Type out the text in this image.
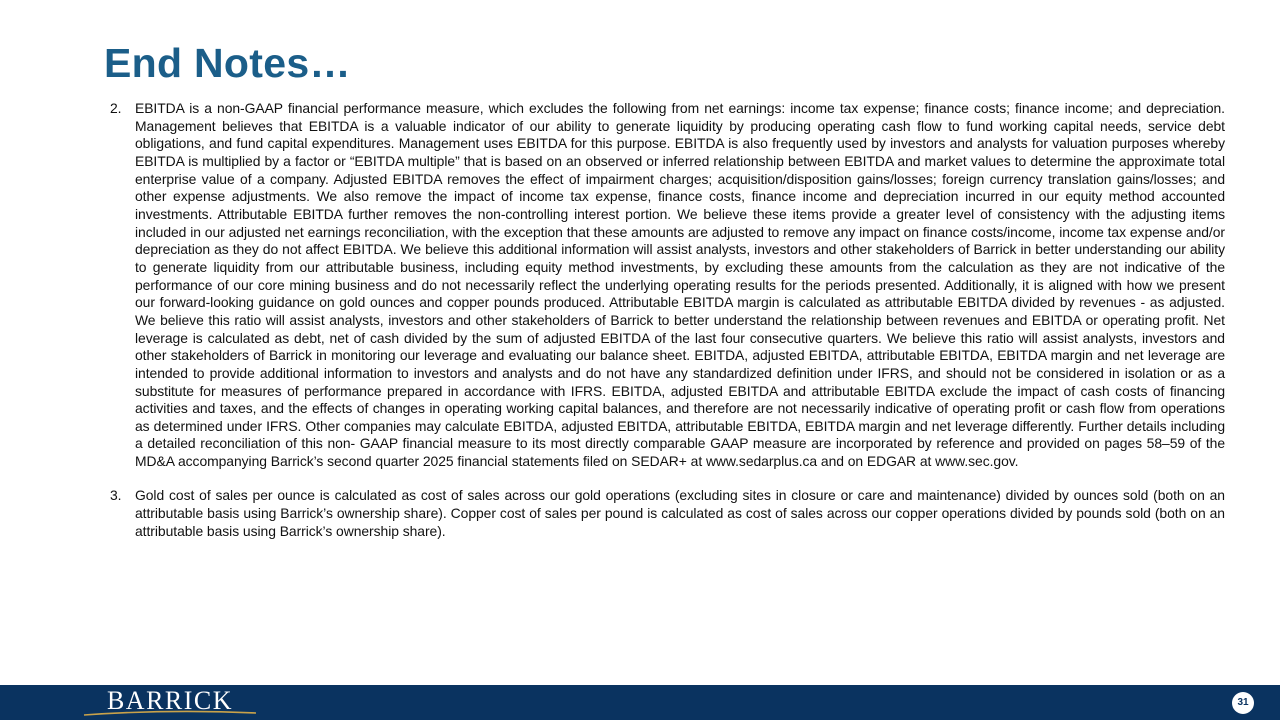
End Notes…
2. EBITDA is a non-GAAP financial performance measure, which excludes the following from net earnings: income tax expense; finance costs; finance income; and depreciation. Management believes that EBITDA is a valuable indicator of our ability to generate liquidity by producing operating cash flow to fund working capital needs, service debt obligations, and fund capital expenditures. Management uses EBITDA for this purpose. EBITDA is also frequently used by investors and analysts for valuation purposes whereby EBITDA is multiplied by a factor or “EBITDA multiple” that is based on an observed or inferred relationship between EBITDA and market values to determine the approximate total enterprise value of a company. Adjusted EBITDA removes the effect of impairment charges; acquisition/disposition gains/losses; foreign currency translation gains/losses; and other expense adjustments. We also remove the impact of income tax expense, finance costs, finance income and depreciation incurred in our equity method accounted investments. Attributable EBITDA further removes the non-controlling interest portion. We believe these items provide a greater level of consistency with the adjusting items included in our adjusted net earnings reconciliation, with the exception that these amounts are adjusted to remove any impact on finance costs/income, income tax expense and/or depreciation as they do not affect EBITDA. We believe this additional information will assist analysts, investors and other stakeholders of Barrick in better understanding our ability to generate liquidity from our attributable business, including equity method investments, by excluding these amounts from the calculation as they are not indicative of the performance of our core mining business and do not necessarily reflect the underlying operating results for the periods presented. Additionally, it is aligned with how we present our forward-looking guidance on gold ounces and copper pounds produced. Attributable EBITDA margin is calculated as attributable EBITDA divided by revenues - as adjusted. We believe this ratio will assist analysts, investors and other stakeholders of Barrick to better understand the relationship between revenues and EBITDA or operating profit. Net leverage is calculated as debt, net of cash divided by the sum of adjusted EBITDA of the last four consecutive quarters. We believe this ratio will assist analysts, investors and other stakeholders of Barrick in monitoring our leverage and evaluating our balance sheet. EBITDA, adjusted EBITDA, attributable EBITDA, EBITDA margin and net leverage are intended to provide additional information to investors and analysts and do not have any standardized definition under IFRS, and should not be considered in isolation or as a substitute for measures of performance prepared in accordance with IFRS. EBITDA, adjusted EBITDA and attributable EBITDA exclude the impact of cash costs of financing activities and taxes, and the effects of changes in operating working capital balances, and therefore are not necessarily indicative of operating profit or cash flow from operations as determined under IFRS. Other companies may calculate EBITDA, adjusted EBITDA, attributable EBITDA, EBITDA margin and net leverage differently. Further details including a detailed reconciliation of this non- GAAP financial measure to its most directly comparable GAAP measure are incorporated by reference and provided on pages 58–59 of the MD&A accompanying Barrick’s second quarter 2025 financial statements filed on SEDAR+ at www.sedarplus.ca and on EDGAR at www.sec.gov.
3. Gold cost of sales per ounce is calculated as cost of sales across our gold operations (excluding sites in closure or care and maintenance) divided by ounces sold (both on an attributable basis using Barrick’s ownership share). Copper cost of sales per pound is calculated as cost of sales across our copper operations divided by pounds sold (both on an attributable basis using Barrick’s ownership share).
BARRICK	31
